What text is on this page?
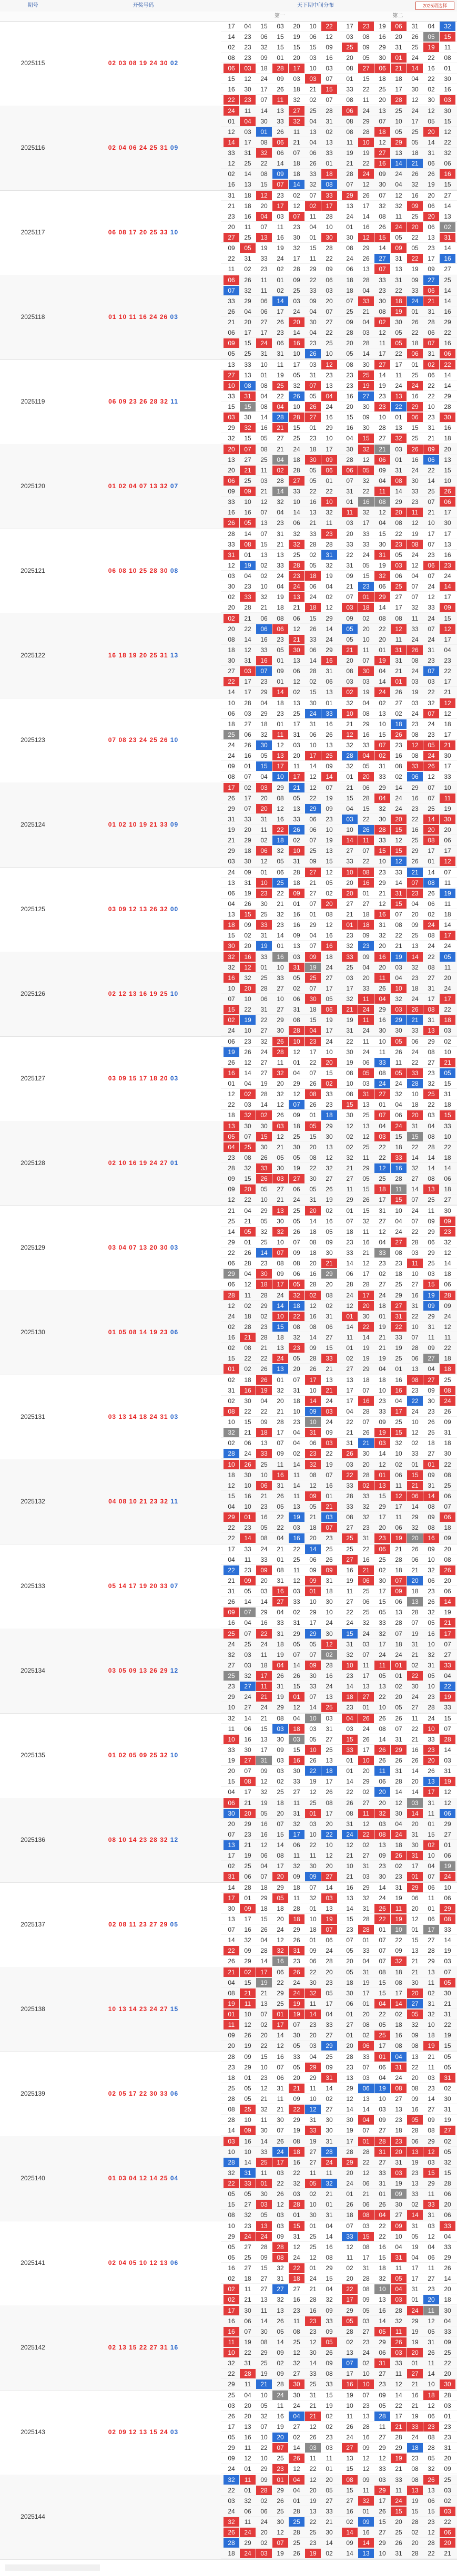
期号	开奖号码	天下期中间分布	2025期选择
第一	第二
2025115	02 03 08 19 24 30 02
17	04	15	03	20	10	22	17	23	19	06	31	04	32
14	23	06	15	19	06	12	03	08	16	20	26	05	15
02	23	32	15	15	15	09	25	09	29	31	25	19	11
08	23	09	01	20	03	16	20	05	30	01	24	22	08
06	03	18	28	17	10	03	08	27	06	21	14	16	01
15	12	24	09	03	03	07	01	15	18	18	04	22	30
16	30	17	26	18	21	15	33	22	25	17	30	02	16
22	23	07	11	32	02	07	08	11	20	28	12	30	03
2025116	02 04 06 24 25 31 09
24	11	14	13	27	25	28	06	24	13	25	24	12	30
01	04	30	33	32	04	31	08	29	07	10	17	05	15
12	03	01	26	11	13	02	08	28	18	05	25	20	12
14	17	08	06	21	04	13	11	10	12	29	05	14	22
33	31	32	06	07	06	33	19	19	27	13	18	31	32
12	25	22	14	18	26	01	21	22	16	14	21	06	06
02	14	08	09	18	33	18	28	24	09	24	26	26	16
16	13	15	07	14	32	08	07	12	30	04	32	19	15
2025117	06 08 17 20 25 33 10
31	18	12	23	02	07	33	29	26	07	12	16	20	27
21	18	20	17	12	02	17	13	17	32	32	09	06	14
23	16	04	03	07	11	28	24	14	08	11	25	20	13
20	11	07	11	23	04	10	01	16	26	24	20	06	02
27	25	13	16	30	01	30	30	12	15	05	22	13	31
09	05	19	19	32	15	28	08	29	14	09	05	23	14
22	31	33	24	17	11	22	24	26	27	31	22	17	16
11	02	23	02	28	29	09	06	13	07	13	19	09	27
2025118	01 10 11 16 24 26 03
06	26	11	01	09	22	06	18	28	33	31	09	27	25
07	32	11	02	25	33	03	18	04	23	22	33	06	14
33	29	06	14	03	09	20	07	33	30	18	24	21	14
26	04	06	17	24	04	07	25	21	08	19	01	31	16
21	20	27	26	20	30	27	09	04	02	30	26	28	29
06	17	17	23	14	04	22	28	03	12	05	22	06	22
09	15	24	06	16	23	25	20	28	11	05	18	07	16
05	25	31	31	10	26	10	05	14	17	22	06	31	06
2025119	06 09 23 26 28 32 11
13	33	10	11	17	03	12	08	30	27	17	01	02	22
27	13	01	19	05	31	23	23	25	14	11	25	06	14
10	08	08	25	32	07	13	23	19	19	24	24	22	14
33	31	04	22	26	05	04	16	27	23	13	16	22	29
15	15	08	04	10	26	24	20	30	23	22	29	10	28
03	30	14	28	28	27	16	15	09	10	01	06	23	30
29	32	16	21	15	01	29	16	30	28	13	15	31	16
32	15	05	27	25	23	10	04	15	27	32	25	21	18
2025120	01 02 04 07 13 32 07
20	07	08	21	24	18	17	30	32	21	03	26	09	20
13	27	25	04	18	30	09	28	12	06	01	16	06	13
20	21	11	02	28	05	06	06	05	09	31	24	22	15
06	25	03	28	27	05	01	07	32	04	08	30	14	10
09	09	21	14	33	22	22	31	22	11	14	33	25	26
33	10	12	32	10	16	10	01	16	08	29	23	07	06
16	16	07	04	14	13	32	11	32	12	20	11	21	17
26	05	13	23	06	21	11	03	17	04	08	12	10	30
2025121	06 08 10 25 28 30 08
28	14	07	31	32	33	23	20	33	15	22	19	17	17
33	08	15	21	32	28	28	33	33	30	23	08	07	13
31	01	13	13	25	02	31	22	24	31	05	24	23	16
12	19	02	33	28	05	32	31	05	19	03	12	06	23
03	04	02	24	23	18	19	09	15	32	06	04	07	24
30	23	10	04	24	06	04	21	23	06	25	07	24	14
02	33	32	19	13	24	02	07	01	29	27	07	12	17
20	28	21	18	21	18	12	03	18	14	17	32	33	09
2025122	16 18 19 20 25 31 13
02	21	06	08	06	15	29	09	02	08	08	11	24	15
20	22	06	06	12	26	14	05	20	22	12	33	07	12
08	14	16	23	21	33	24	05	10	20	11	24	24	17
18	12	33	05	30	06	29	21	11	01	31	26	31	04
30	31	16	01	13	14	16	20	07	19	31	08	23	23
27	03	07	09	06	28	31	08	30	04	21	24	07	22
22	17	23	01	12	02	06	03	03	14	01	03	03	17
14	17	29	14	02	15	13	02	19	24	26	19	22	21
2025123	07 08 23 24 25 26 10
10	28	04	18	13	30	01	32	04	02	27	03	32	12
06	03	29	23	25	24	33	10	08	13	02	24	07	12
18	27	18	01	17	31	16	21	29	10	18	23	24	18
25	06	32	11	31	06	26	12	16	15	26	08	23	17
24	26	30	12	03	10	13	32	33	07	23	12	05	21
24	16	05	13	20	17	25	28	04	02	16	08	24	30
09	01	15	17	11	14	09	32	05	31	08	33	26	17
08	07	04	10	17	12	14	01	20	33	02	06	12	33
2025124	01 02 10 19 21 33 09
17	02	03	29	21	12	07	21	06	29	14	29	07	10
26	17	20	08	05	22	19	15	28	04	24	16	07	11
29	07	20	12	13	29	09	04	15	32	24	23	25	19
31	33	31	16	33	06	23	03	22	30	20	22	14	30
19	20	11	22	26	06	10	10	26	28	15	16	20	20
21	29	02	18	02	07	19	14	11	33	12	25	08	06
29	18	06	32	10	25	13	27	07	15	15	29	17	17
03	30	12	05	31	09	15	33	22	10	12	26	01	12
2025125	03 09 12 13 26 32 00
24	09	01	06	28	27	12	10	08	23	33	21	14	07
13	31	10	25	18	21	05	20	16	29	14	07	08	11
06	19	23	22	09	27	02	20	01	21	31	23	26	19
04	26	30	21	01	07	20	27	27	12	15	04	06	11
13	15	25	32	16	01	08	21	18	16	07	20	02	18
18	09	33	23	16	29	12	01	18	31	08	09	24	14
15	02	31	14	09	04	16	23	09	32	22	25	08	17
30	20	19	01	13	07	16	32	23	20	21	13	24	24
2025126	02 12 13 16 19 25 10
32	16	33	16	03	09	18	33	09	16	19	14	22	05
32	12	01	10	31	19	24	25	04	20	03	32	08	11
16	32	25	33	05	25	27	03	20	11	04	23	27	20
10	20	28	27	02	07	17	17	33	26	10	18	31	24
07	10	06	10	06	30	05	32	11	04	32	24	17	17
15	22	31	27	31	18	06	21	24	29	03	26	08	22
02	19	22	29	08	15	19	19	11	16	29	21	31	18
24	10	27	30	28	04	17	31	24	30	30	33	13	03
2025127	03 09 15 17 18 20 03
06	23	32	26	10	23	24	22	11	10	05	06	29	02
19	26	24	28	12	17	10	30	24	11	26	24	08	10
26	12	27	11	01	22	20	19	06	33	11	22	27	21
16	14	27	32	04	07	15	08	05	08	05	33	23	05
01	04	19	20	29	26	02	10	03	24	24	28	32	15
12	02	28	32	12	08	33	08	31	27	32	10	25	31
22	03	14	12	07	26	23	15	13	01	04	18	22	18
18	32	02	26	09	01	18	30	25	07	06	20	03	15
2025128	02 10 16 19 24 27 01
13	30	30	03	18	05	29	12	13	04	24	31	04	33
05	07	15	12	25	15	30	02	12	03	15	15	08	10
04	25	30	21	30	20	13	02	25	22	18	22	28	22
23	08	26	05	05	08	12	32	11	22	33	14	14	18
28	32	33	30	19	22	32	21	29	12	16	32	14	14
09	15	26	03	27	30	27	27	05	25	28	27	08	06
09	20	05	27	06	05	26	11	15	18	11	14	13	18
12	22	10	21	24	31	19	29	26	17	15	07	25	27
2025129	03 04 07 13 20 30 03
21	04	29	13	25	20	02	01	15	31	10	24	11	30
25	21	05	30	05	14	16	07	32	27	04	07	09	09
14	05	32	32	26	18	05	18	11	12	24	22	29	23
29	01	25	10	07	08	09	23	16	04	27	28	06	32
22	26	14	07	09	18	30	33	21	33	08	03	29	12
06	28	23	08	08	20	21	14	12	23	23	11	25	14
29	04	30	09	06	16	29	06	17	02	18	10	03	18
06	12	18	17	05	28	20	28	28	27	25	27	15	06
2025130	01 05 08 14 19 23 06
28	11	28	24	32	02	08	24	17	24	29	16	19	28
12	02	29	14	18	12	02	12	20	18	27	31	09	09
24	18	02	10	22	16	31	01	30	01	31	22	29	24
02	28	23	15	08	08	06	14	22	19	22	10	31	12
16	21	28	18	32	14	27	11	14	21	33	07	11	11
02	08	21	13	23	09	15	01	19	21	19	28	09	22
15	22	22	24	05	28	33	02	19	19	25	06	27	18
01	02	26	13	20	26	21	27	29	04	01	13	04	18
2025131	03 13 14 18 24 31 03
02	18	26	01	07	17	13	13	18	18	16	08	27	25
31	16	19	32	31	10	21	17	07	10	16	23	09	08
02	30	04	20	18	14	24	17	16	23	04	22	30	24
08	22	22	21	10	09	03	04	28	33	17	24	23	26
10	15	09	28	23	10	24	22	07	09	25	10	26	09
32	21	18	17	04	31	09	21	26	19	15	12	25	31
02	06	13	07	04	06	03	31	21	03	32	02	18	18
28	24	33	09	02	23	22	26	30	14	10	33	27	30
2025132	04 08 10 21 23 32 11
10	26	25	11	14	32	19	03	20	12	02	01	01	22
18	30	10	16	11	08	07	22	28	01	06	15	09	08
12	10	06	31	14	12	16	33	02	13	11	21	31	25
15	16	21	26	11	09	01	28	33	15	12	06	14	06
04	10	23	05	13	05	21	33	32	29	17	14	08	07
29	01	16	22	19	21	03	08	32	17	11	29	09	06
22	23	05	22	03	18	07	27	23	20	06	32	08	18
22	14	08	04	16	20	23	25	31	23	19	20	16	09
2025133	05 14 17 19 20 33 07
17	33	24	21	22	14	25	25	22	06	21	26	09	20
04	11	33	01	25	06	26	27	16	25	28	06	10	08
22	23	09	08	11	09	09	16	21	02	18	21	32	26
21	09	20	31	12	09	31	19	06	30	07	20	06	20
31	05	03	16	03	01	18	11	25	17	09	18	23	06
26	14	14	27	33	10	30	27	06	15	06	13	26	14
09	07	29	04	02	29	10	22	25	05	13	28	32	19
16	04	16	33	31	17	24	24	32	33	28	07	05	21
2025134	03 05 09 13 26 29 12
25	07	22	31	29	29	30	15	24	32	07	19	16	17
24	25	24	18	05	05	12	31	03	17	18	31	10	07
32	03	11	19	07	07	02	32	07	24	24	21	32	27
27	03	18	04	14	09	28	10	11	11	01	02	31	33
25	32	17	26	26	30	16	23	17	05	01	22	05	04
23	27	11	31	15	33	24	14	13	13	02	30	10	22
29	24	21	19	01	07	13	18	27	22	20	24	23	19
10	27	24	29	12	14	25	23	01	10	05	27	28	33
2025135	01 02 05 09 25 32 10
32	14	21	08	04	10	03	04	26	26	26	11	24	15
11	06	15	03	18	03	31	03	24	08	07	22	10	07
10	16	13	30	03	05	27	15	26	14	31	21	33	28
33	30	17	09	15	10	25	33	17	26	29	16	23	14
19	27	31	03	16	26	13	01	10	26	26	26	20	03
20	07	09	03	30	22	18	01	20	11	31	14	26	31
15	08	12	02	33	19	17	14	29	06	28	20	13	19
04	17	32	25	27	12	26	22	02	20	14	14	17	12
2025136	08 10 14 23 28 32 12
06	21	19	18	11	25	08	26	27	20	12	03	31	12
30	20	05	20	31	01	17	08	11	32	30	14	11	06
20	29	16	07	32	03	20	31	12	03	04	20	01	29
07	23	16	15	17	10	22	24	22	08	24	31	15	27
13	21	12	14	06	22	10	12	02	13	18	30	02	01
17	19	06	08	11	11	12	21	27	09	26	31	10	06
02	25	04	17	32	30	20	10	31	23	02	17	04	19
31	06	07	20	09	09	27	21	03	30	23	01	07	24
2025137	02 08 11 23 27 29 05
14	28	18	29	18	07	14	16	29	14	31	29	06	10
17	01	29	05	11	32	03	13	32	24	19	06	11	06
30	09	18	18	28	01	13	14	31	26	11	20	01	29
13	17	15	20	18	10	19	15	28	22	19	12	06	08
07	16	26	24	29	18	07	23	28	01	10	01	17	33
14	32	04	12	26	01	06	07	01	07	22	15	27	14
22	09	28	32	31	09	24	05	33	07	09	13	28	19
26	29	14	16	23	06	28	20	04	07	32	21	29	03
2025138	10 13 14 23 24 27 15
21	02	17	06	26	22	20	05	31	08	18	21	13	07
04	15	19	22	24	30	23	18	19	15	08	30	11	05
08	21	21	29	24	32	05	30	17	15	17	20	02	30
19	11	13	25	19	11	17	06	01	04	14	27	31	21
01	10	07	01	19	14	04	01	20	22	02	05	32	31
11	12	02	17	07	23	33	27	08	05	18	32	10	22
09	26	20	14	30	20	27	01	02	25	16	09	18	19
20	19	22	12	05	03	29	20	06	17	08	08	19	15
2025139	02 05 17 22 30 33 06
28	09	15	16	33	04	25	28	33	01	04	13	21	05
23	29	10	07	05	29	09	23	07	06	31	22	11	05
18	01	23	06	20	29	31	13	03	04	24	20	03	31
25	05	12	31	21	11	14	29	06	19	08	08	23	02
28	05	21	11	09	10	02	12	13	10	27	09	14	30
08	25	32	21	22	12	27	14	14	03	13	16	27	31
28	10	11	30	29	31	30	30	04	09	23	05	09	19
14	09	30	07	19	33	30	19	07	27	18	28	08	27
2025140	01 03 04 12 14 25 04
03	16	14	26	08	19	31	17	01	28	23	06	29	02
10	10	33	24	18	27	28	28	28	31	20	13	12	05
28	14	25	17	16	27	24	29	22	27	31	19	03	32
32	31	11	03	22	11	11	20	12	33	03	23	15	15
22	33	01	22	32	05	32	24	06	31	19	13	29	28
05	05	30	26	03	02	21	01	21	01	09	33	11	06
15	27	03	12	28	10	01	26	06	26	30	02	33	20
08	32	05	03	01	30	31	18	08	04	27	14	31	06
2025141	02 04 05 10 12 13 06
10	23	13	03	15	01	04	07	03	22	09	31	03	33
29	24	24	09	31	25	14	33	15	22	10	05	12	04
05	27	28	28	12	25	16	12	08	16	04	19	04	33
05	25	09	08	24	12	08	11	17	15	31	04	06	29
16	27	15	32	22	01	29	02	31	18	11	17	11	26
02	18	27	31	18	24	15	20	28	32	05	17	27	14
02	11	27	27	27	21	04	22	08	10	04	31	23	20
02	21	13	32	16	28	32	17	09	13	03	01	20	18
2025142	02 13 15 22 27 31 16
17	30	11	13	23	16	09	29	05	16	28	24	11	30
16	06	14	26	11	23	33	05	03	14	32	29	12	04
16	07	30	05	08	23	09	28	27	05	11	19	05	33
11	19	08	14	25	12	05	02	23	29	26	19	31	09
10	22	29	09	12	30	26	13	24	06	03	20	26	25
32	31	25	02	32	14	09	07	02	31	33	01	11	22
22	28	19	09	27	33	08	17	10	27	11	27	14	20
29	11	21	28	30	25	33	16	10	23	12	21	10	30
2025143	02 09 12 13 15 24 03
25	04	10	24	30	31	15	19	07	09	14	16	18	28
03	20	05	11	24	21	19	10	23	05	22	21	12	03
26	20	32	16	04	21	02	11	13	28	17	19	06	01
17	13	07	19	27	12	02	26	28	11	21	33	23	23
05	16	10	20	02	26	23	24	16	27	28	24	08	23
29	11	22	07	14	03	03	27	09	29	29	18	28	31
09	12	10	25	26	11	11	13	12	12	19	23	05	20
24	01	29	23	12	22	01	15	12	33	21	08	32	09
2025144
32	11	09	01	04	12	20	08	09	03	33	08	26	25
22	01	28	29	04	20	05	15	11	29	11	13	13	03
03	32	02	26	01	19	27	27	32	17	24	19	06	02
24	06	06	25	28	13	33	16	01	26	15	15	15	03
32	11	24	30	25	22	21	02	09	15	20	28	23	22
26	24	20	12	28	25	30	14	16	27	25	02	12	06
28	29	02	07	25	23	14	09	14	29	26	20	28	20
18	24	03	19	26	19	02	14	13	10	31	28	22	21
